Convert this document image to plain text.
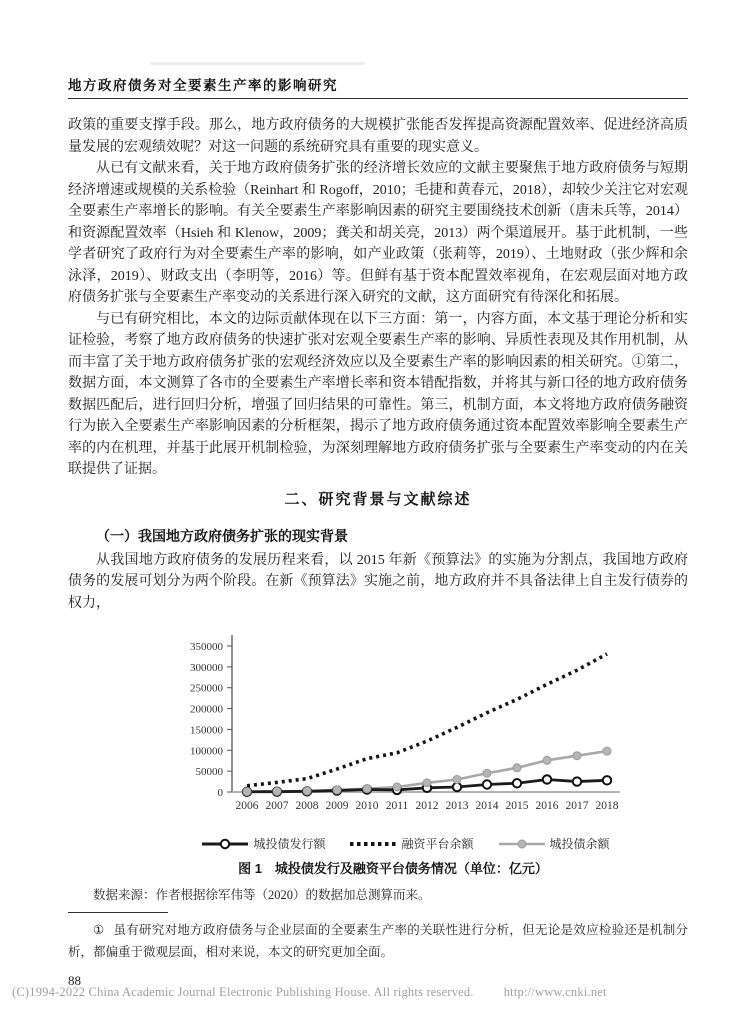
地方政府债务对全要素生产率的影响研究

政策的重要支撑手段。那么，地方政府债务的大规模扩张能否发挥提高资源配置效率、促进经济高质量发展的宏观绩效呢？对这一问题的系统研究具有重要的现实意义。

从已有文献来看，关于地方政府债务扩张的经济增长效应的文献主要聚焦于地方政府债务与短期经济增速或规模的关系检验（Reinhart 和 Rogoff，2010；毛捷和黄春元，2018），却较少关注它对宏观全要素生产率增长的影响。有关全要素生产率影响因素的研究主要围绕技术创新（唐未兵等，2014）和资源配置效率（Hsieh 和 Klenow，2009；龚关和胡关亮，2013）两个渠道展开。基于此机制，一些学者研究了政府行为对全要素生产率的影响，如产业政策（张莉等，2019）、土地财政（张少辉和余泳泽，2019）、财政支出（李明等，2016）等。但鲜有基于资本配置效率视角，在宏观层面对地方政府债务扩张与全要素生产率变动的关系进行深入研究的文献，这方面研究有待深化和拓展。

与已有研究相比，本文的边际贡献体现在以下三方面：第一，内容方面，本文基于理论分析和实证检验，考察了地方政府债务的快速扩张对宏观全要素生产率的影响、异质性表现及其作用机制，从而丰富了关于地方政府债务扩张的宏观经济效应以及全要素生产率的影响因素的相关研究。①第二，数据方面，本文测算了各市的全要素生产率增长率和资本错配指数，并将其与新口径的地方政府债务数据匹配后，进行回归分析，增强了回归结果的可靠性。第三，机制方面，本文将地方政府债务融资行为嵌入全要素生产率影响因素的分析框架，揭示了地方政府债务通过资本配置效率影响全要素生产率的内在机理，并基于此展开机制检验，为深刻理解地方政府债务扩张与全要素生产率变动的内在关联提供了证据。

二、研究背景与文献综述
（一）我国地方政府债务扩张的现实背景

从我国地方政府债务的发展历程来看，以 2015 年新《预算法》的实施为分割点，我国地方政府债务的发展可划分为两个阶段。在新《预算法》实施之前，地方政府并不具备法律上自主发行债券的权力，

0
50000
100000
150000
200000
250000
300000
350000
2006 2007 2008 2009 2010 2011 2012 2013 2014 2015 2016 2017 2018
城投债发行额	融资平台余额	城投债余额
图 1　城投债发行及融资平台债务情况（单位：亿元）
数据来源：作者根据徐军伟等（2020）的数据加总测算而来。

① 虽有研究对地方政府债务与企业层面的全要素生产率的关联性进行分析，但无论是效应检验还是机制分析，都偏重于微观层面，相对来说，本文的研究更加全面。

88
(C)1994-2022 China Academic Journal Electronic Publishing House. All rights reserved. http://www.cnki.net
